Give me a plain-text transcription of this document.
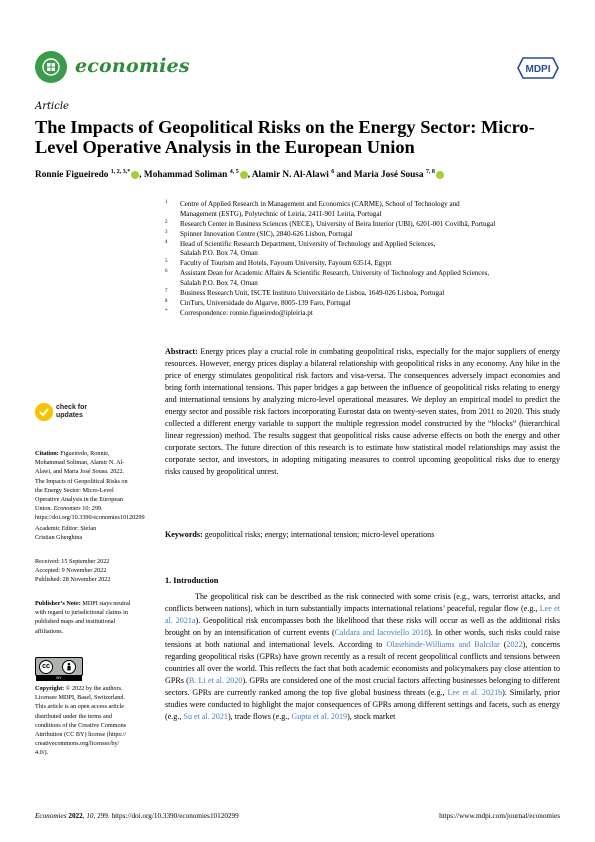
economies	MDPI
Article
The Impacts of Geopolitical Risks on the Energy Sector: Micro-Level Operative Analysis in the European Union
Ronnie Figueiredo $^{1, 2, 3,*}$ , Mohammad Soliman $^{4, 5}$ , Alamir N. Al-Alawi $^6$ and Maria José Sousa $^{7, 8}$
1 Centre of Applied Research in Management and Economics (CARME), School of Technology and
Management (ESTG), Polytechnic of Leiria, 2411-901 Leiria, Portugal
2 Research Center in Business Sciences (NECE), University of Beira Interior (UBI), 6201-001 Covilhã, Portugal
3 Spinner Innovation Centre (SIC), 2840-626 Lisbon, Portugal
4 Head of Scientific Research Department, University of Technology and Applied Sciences,
Salalah P.O. Box 74, Oman
5 Faculty of Tourism and Hotels, Fayoum University, Fayoum 63514, Egypt
6 Assistant Dean for Academic Affairs & Scientific Research, University of Technology and Applied Sciences,
Salalah P.O. Box 74, Oman
7 Business Research Unit, ISCTE Instituto Universitário de Lisboa, 1649-026 Lisboa, Portugal
8 CinTurs, Universidade do Algarve, 8005-139 Faro, Portugal
* Correspondence: ronnie.figueiredo@ipleiria.pt
check for
updates
Citation: Figueiredo, Ronnie, Mohammad Soliman, Alamir N. Al-Alawi, and Maria José Sousa. 2022. The Impacts of Geopolitical Risks on the Energy Sector: Micro-Level Operative Analysis in the European Union. Economies 10: 299. https://doi.org/10.3390/economies10120299
Academic Editor: Ștefan
Cristian Gherghina
Received: 15 September 2022
Accepted: 9 November 2022
Published: 28 November 2022
Publisher’s Note: MDPI stays neutral with regard to jurisdictional claims in published maps and institutional affiliations.
cc
BY
Copyright: © 2022 by the authors. Licensee MDPI, Basel, Switzerland. This article is an open access article distributed under the terms and conditions of the Creative Commons Attribution (CC BY) license (https:// creativecommons.org/licenses/by/ 4.0/).
Abstract: Energy prices play a crucial role in combating geopolitical risks, especially for the major suppliers of energy resources. However, energy prices display a bilateral relationship with geopolitical risks in any economy. Any hike in the price of energy stimulates geopolitical risk factors and visa-versa. The consequences adversely impact economies and bring forth international tensions. This paper bridges a gap between the influence of geopolitical risks relating to energy and international tensions by analyzing micro-level operational measures. We deploy an empirical model to predict the energy sector and possible risk factors incorporating Eurostat data on twenty-seven states, from 2011 to 2020. This study collected a different energy variable to support the multiple regression model constructed by the “blocks” (hierarchical linear regression) method. The results suggest that geopolitical risks cause adverse effects on both the energy and other corporate sectors. The future direction of this research is to estimate how statistical model relationships may assist the corporate sector, and investors, in adopting mitigating measures to control upcoming geopolitical risks due to energy risks caused by geopolitical unrest.
Keywords: geopolitical risks; energy; international tension; micro-level operations
1. Introduction
The geopolitical risk can be described as the risk connected with some crisis (e.g., wars, terrorist attacks, and conflicts between nations), which in turn substantially impacts international relations’ peaceful, regular flow (e.g., Lee et al. 2021a). Geopolitical risk encompasses both the likelihood that these risks will occur as well as the additional risks brought on by an intensification of current events (Caldara and Iacoviello 2018). In other words, such risks could raise tensions at both national and international levels. According to Olasehinde-Williams and Balcilar (2022), concerns regarding geopolitical risks (GPRs) have grown recently as a result of recent geopolitical conflicts and tensions between countries all over the world. This reflects the fact that both academic economists and policymakers pay close attention to GPRs (B. Li et al. 2020). GPRs are considered one of the most crucial factors affecting businesses belonging to different sectors. GPRs are currently ranked among the top five global business threats (e.g., Lee et al. 2021b). Similarly, prior studies were conducted to highlight the major consequences of GPRs among different settings and facets, such as energy (e.g., Su et al. 2021), trade flows (e.g., Gupta et al. 2019), stock market
Economies 2022, 10, 299. https://doi.org/10.3390/economies10120299	https://www.mdpi.com/journal/economies
